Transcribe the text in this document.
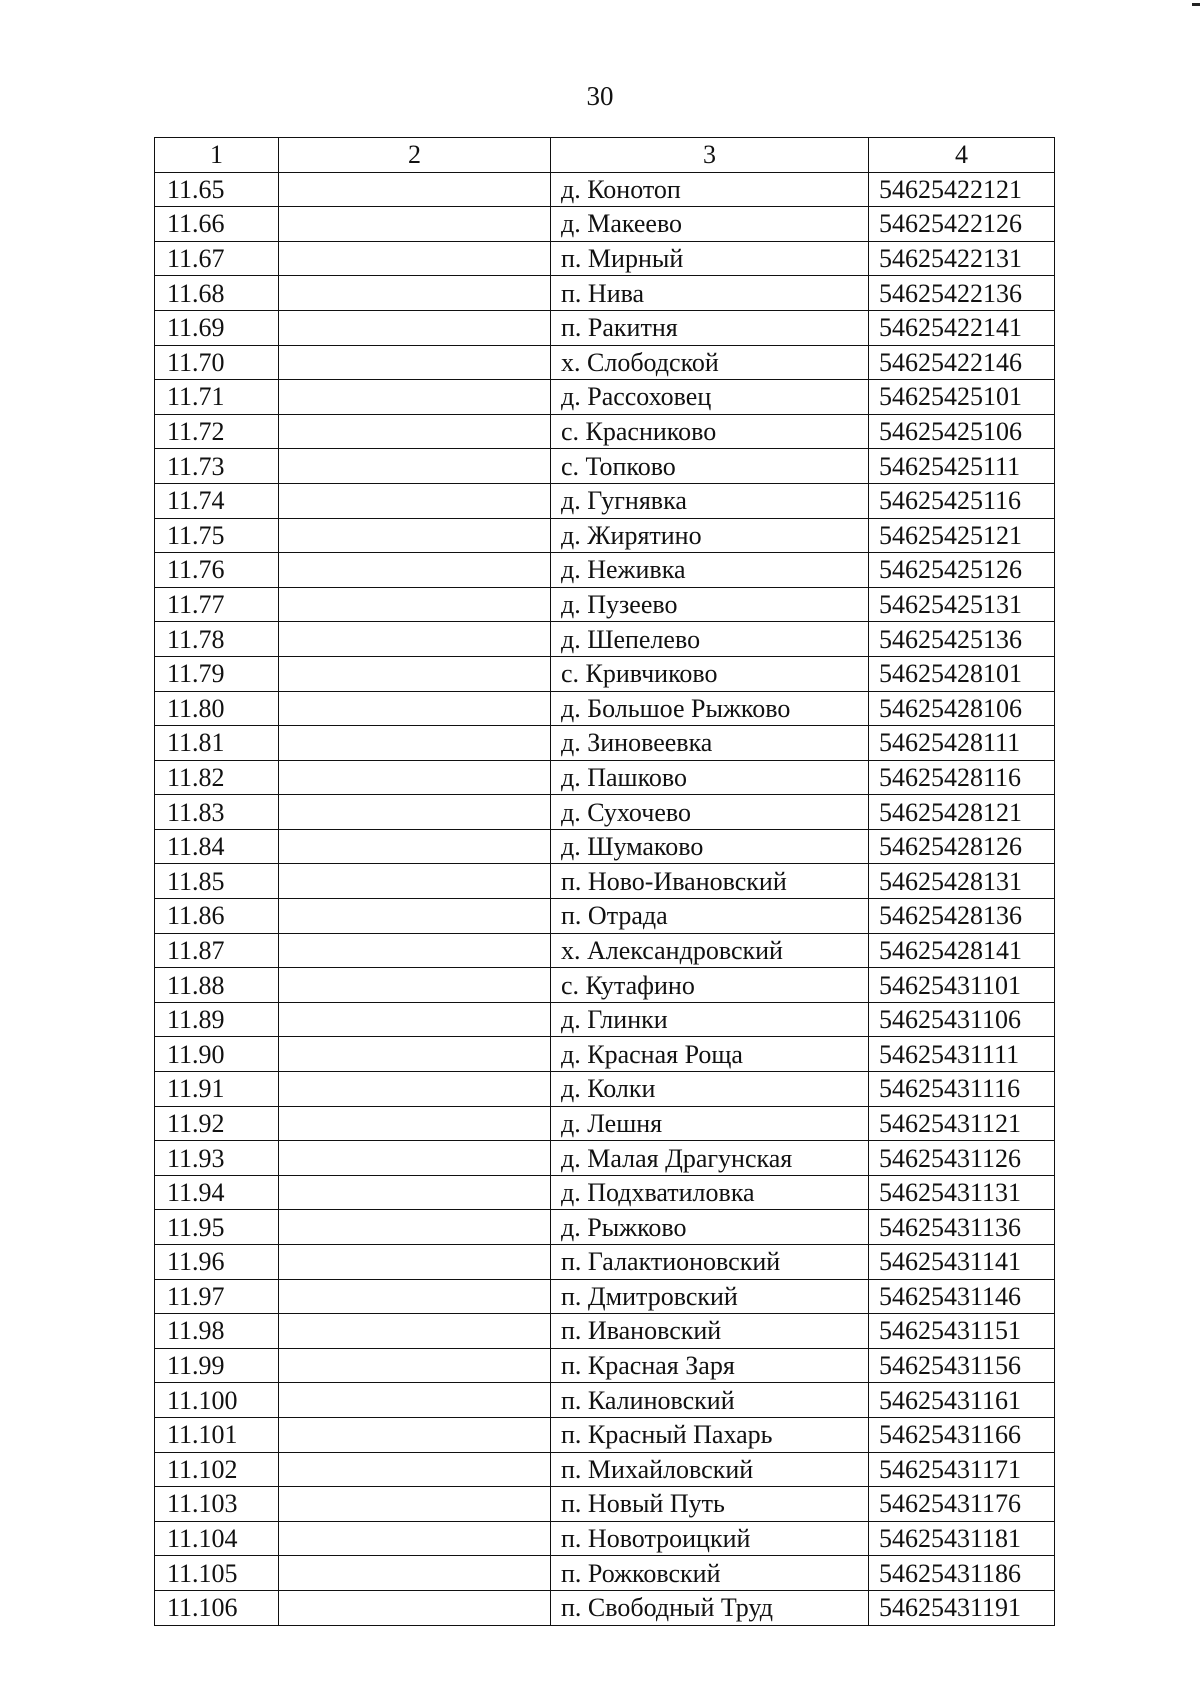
30
1	2	3	4
11.65		д. Конотоп	54625422121
11.66		д. Макеево	54625422126
11.67		п. Мирный	54625422131
11.68		п. Нива	54625422136
11.69		п. Ракитня	54625422141
11.70		х. Слободской	54625422146
11.71		д. Рассоховец	54625425101
11.72		с. Красниково	54625425106
11.73		с. Топково	54625425111
11.74		д. Гугнявка	54625425116
11.75		д. Жирятино	54625425121
11.76		д. Неживка	54625425126
11.77		д. Пузеево	54625425131
11.78		д. Шепелево	54625425136
11.79		с. Кривчиково	54625428101
11.80		д. Большое Рыжково	54625428106
11.81		д. Зиновеевка	54625428111
11.82		д. Пашково	54625428116
11.83		д. Сухочево	54625428121
11.84		д. Шумаково	54625428126
11.85		п. Ново-Ивановский	54625428131
11.86		п. Отрада	54625428136
11.87		х. Александровский	54625428141
11.88		с. Кутафино	54625431101
11.89		д. Глинки	54625431106
11.90		д. Красная Роща	54625431111
11.91		д. Колки	54625431116
11.92		д. Лешня	54625431121
11.93		д. Малая Драгунская	54625431126
11.94		д. Подхватиловка	54625431131
11.95		д. Рыжково	54625431136
11.96		п. Галактионовский	54625431141
11.97		п. Дмитровский	54625431146
11.98		п. Ивановский	54625431151
11.99		п. Красная Заря	54625431156
11.100		п. Калиновский	54625431161
11.101		п. Красный Пахарь	54625431166
11.102		п. Михайловский	54625431171
11.103		п. Новый Путь	54625431176
11.104		п. Новотроицкий	54625431181
11.105		п. Рожковский	54625431186
11.106		п. Свободный Труд	54625431191
